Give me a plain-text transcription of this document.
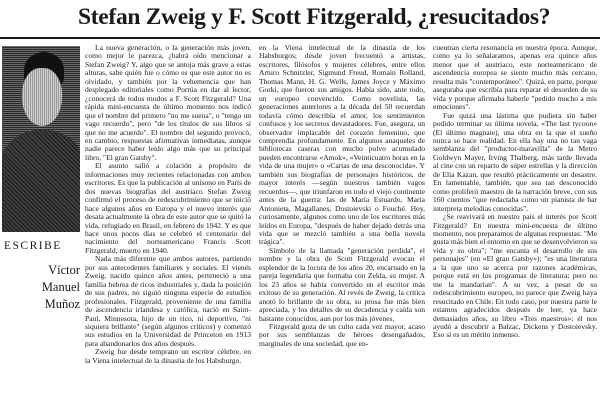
Stefan Zweig y F. Scott Fitzgerald, ¿resucitados?
ESCRIBE
Víctor
Manuel
Muñoz

La nueva generación, o la generación más joven, como mejor le parezca, ¿habrá oído mencionar a Stefan Zweig? Y, algo que se antoja más grave a estas alturas, sabe quién fue o cómo es que este autor no es olvidado, y también por la vehemencia que han desplegado editoriales como Porrúa en dar al lector, ¿conocerá de todos modos a F. Scott Fitzgerald? Una rápida mini-encuesta de último momento nos indicó que el nombre del primero "no me suena", o "tengo un vago recuerdo", pero "de los títulos de sus libros sí que no me acuerdo". El nombre del segundo provocó, en cambio, respuestas afirmativas inmediatas, aunque nadie parece haber leído algo más que su principal libro, "El gran Gatsby".

El asunto salió a colación a propósito de informaciones muy recientes relacionadas con ambos escritores. Es que la publicación al unísono en París de dos nuevas biografías del austríaco Stefan Zweig confirmó el proceso de redescubrimiento que se inició hace algunos años en Europa y el nuevo interés que desata actualmente la obra de este autor que se quitó la vida, refugiado en Brasil, en febrero de 1942. Y es que hace unos pocos días se celebró el centenario del nacimiento del norteamericano Francis Scott Fitzgerald, muerto en 1940.

Nada más diferente que ambos autores, partiendo por sus antecedentes familiares y sociales. El vienés Zweig, nacido quince años antes, perteneció a una familia hebrea de ricos industriales y, dada la posición de sus padres, no siguió ninguna especie de estudios profesionales. Fitzgerald, proveniente de una familia de ascendencia irlandesa y católica, nació en Saint-Paul, Minnesota, hijo de un rico, ni deportivo, "ni siquiera brillante" (según algunos críticos) y comenzó sus estudios en la Universidad de Princeton en 1913 para abandonarlos dos años después.

Zweig fue desde temprano un escritor célebre, en la Viena intelectual de la dinastía de los Habsburgo.

en la Viena intelectual de la dinastía de los Habsburgos; desde joven frecuentó a artistas, escritores, filósofos y mujeres célebres, entre ellos Arturo Schnitzler, Sigmund Freud, Romain Rolland, Thomas Mann, H. G. Wells, James Joyce y Máximo Gorki, que fueron sus amigos. Había sido, ante todo, un europeo convencido. Como novelista, las generaciones anteriores a la década del 50 recuerdan todavía cómo describía el amor, los sentimientos confusos y los secretos devastadores. Fue, asegura, un observador implacable del corazón femenino, que comprendía profundamente. En algunos anaqueles de bibliotecas caseras con mucho polvo acumulado pueden encontrarse «Amok», «Veinticuatro horas en la vida de una mujer» o «Cartas de una desconocida». Y también sus biografías de personajes históricos, de mayor interés —según nuestros también vagos recuerdos—, que triunfaron en todo el viejo continente antes de la guerra: las de María Estuardo, María Antonieta, Magallanes, Dostoievski o Fouché. Hoy, curiosamente, algunos como uno de los escritores más leídos en Europa, "después de haber dejado detrás una vida que se mezcló también a una bella novela trágica".

Símbolo de la llamada "generación perdida", el nombre y la obra de Scott Fitzgerald evocan el esplendor de la locura de los años 20, encarnado en la pareja legendaria que formaba con Zelda, su mujer. A los 23 años se había convertido en el escritor más exitoso de su generación. Al revés de Zweig, la crítica anotó lo brillante de su obra, su prosa fue más bien apreciada, y los detalles de su decadencia y caída son bastante conocidos, aun por los más jóvenes.

Fitzgerald goza de un culto cada vez mayor, acaso por sus semblanzas de héroes desengañados, marginales de una sociedad, que en-

cuentran cierta resonancia en nuestra época. Aunque, como ya lo señalaramos, apenas era quince años menor que el austríaco, este norteamericano de ascendencia europea se siente mucho más cercano, resulta más "contemporáneo". Quizá, en parte, porque aseguraba que escribía para reparar el desorden de su vida y porque afirmaba haberle "pedido mucho a mis emociones".

Fue quizá una lástima que pudiera sin haber podido terminar su última novela, «The last tycoon» (El último magnate), una obra en la que el sueño nunca se hace realidad. En ella hay una no tan vaga semblanza del "productor-maravilla" de la Metro Goldwyn Mayer, Irving Thalberg, más tarde llevada al cine con un reparto de súper estrellas y la dirección de Elia Kazan, que resultó prácticamente un desastre. En lamentable, también, que sea tan desconocido como proliferó maestro de la narración breve, con sus 160 cuentos "que redactaba como un pianista de bar interpreta melodías conocidas".

¿Se reavivará en nuestro país el interés por Scott Fitzgerald? En nuestra mini-encuesta de último momento, nos preparamos de algunas respuestas: "Me gusta más bien el entorno en que se desenvolvieron su vida y su obra"; "me encanta el desarrollo de sus personajes" (en «El gran Gatsby»); "es una literatura a la que uno se acerca por razones académicas, porque está en los programas de literatura; pero no me la mandarían". A su vez, a pesar de su redescubrimiento europeo, no parece que Zweig haya resucitado en Chile. En todo caso, por nuestra parte le estamos agradecidos después de leer, ya hace demasiados años, su libro «Tres maestros»: él nos ayudó a descubrir a Balzac, Dickens y Dostoievsky. Eso sí es un mérito inmenso.
